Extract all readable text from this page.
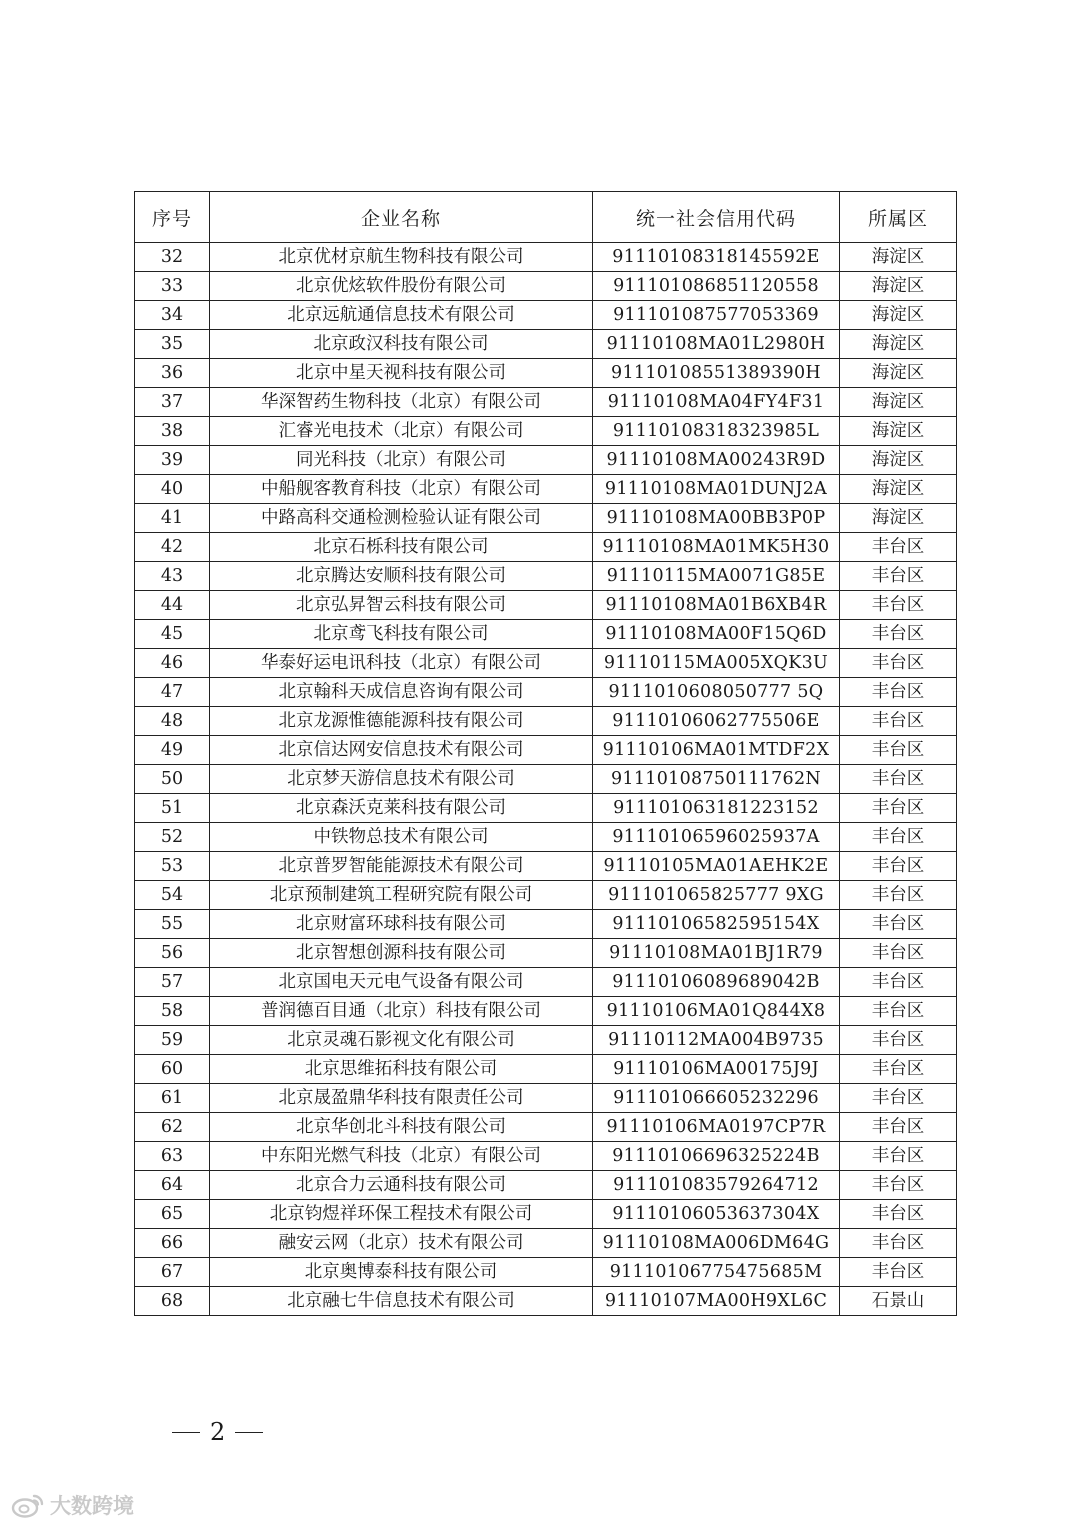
序号	企业名称	统一社会信用代码	所属区
32	北京优材京航生物科技有限公司	91110108318145592E	海淀区
33	北京优炫软件股份有限公司	911101086851120558	海淀区
34	北京远航通信息技术有限公司	911101087577053369	海淀区
35	北京政汉科技有限公司	91110108MA01L2980H	海淀区
36	北京中星天视科技有限公司	91110108551389390H	海淀区
37	华深智药生物科技（北京）有限公司	91110108MA04FY4F31	海淀区
38	汇睿光电技术（北京）有限公司	91110108318323985L	海淀区
39	同光科技（北京）有限公司	91110108MA00243R9D	海淀区
40	中船舰客教育科技（北京）有限公司	91110108MA01DUNJ2A	海淀区
41	中路高科交通检测检验认证有限公司	91110108MA00BB3P0P	海淀区
42	北京石栎科技有限公司	91110108MA01MK5H30	丰台区
43	北京腾达安顺科技有限公司	91110115MA0071G85E	丰台区
44	北京弘昇智云科技有限公司	91110108MA01B6XB4R	丰台区
45	北京鸢飞科技有限公司	91110108MA00F15Q6D	丰台区
46	华泰好运电讯科技（北京）有限公司	91110115MA005XQK3U	丰台区
47	北京翰科天成信息咨询有限公司	9111010608050777 5Q	丰台区
48	北京龙源惟德能源科技有限公司	91110106062775506E	丰台区
49	北京信达网安信息技术有限公司	91110106MA01MTDF2X	丰台区
50	北京梦天游信息技术有限公司	91110108750111762N	丰台区
51	北京森沃克莱科技有限公司	911101063181223152	丰台区
52	中铁物总技术有限公司	91110106596025937A	丰台区
53	北京普罗智能能源技术有限公司	91110105MA01AEHK2E	丰台区
54	北京预制建筑工程研究院有限公司	911101065825777 9XG	丰台区
55	北京财富环球科技有限公司	91110106582595154X	丰台区
56	北京智想创源科技有限公司	91110108MA01BJ1R79	丰台区
57	北京国电天元电气设备有限公司	91110106089689042B	丰台区
58	普润德百目通（北京）科技有限公司	91110106MA01Q844X8	丰台区
59	北京灵魂石影视文化有限公司	91110112MA004B9735	丰台区
60	北京思维拓科技有限公司	91110106MA00175J9J	丰台区
61	北京晟盈鼎华科技有限责任公司	911101066605232296	丰台区
62	北京华创北斗科技有限公司	91110106MA0197CP7R	丰台区
63	中东阳光燃气科技（北京）有限公司	91110106696325224B	丰台区
64	北京合力云通科技有限公司	911101083579264712	丰台区
65	北京钧煜祥环保工程技术有限公司	91110106053637304X	丰台区
66	融安云网（北京）技术有限公司	91110108MA006DM64G	丰台区
67	北京奥博泰科技有限公司	91110106775475685M	丰台区
68	北京融七牛信息技术有限公司	91110107MA00H9XL6C	石景山
2
大数跨境
